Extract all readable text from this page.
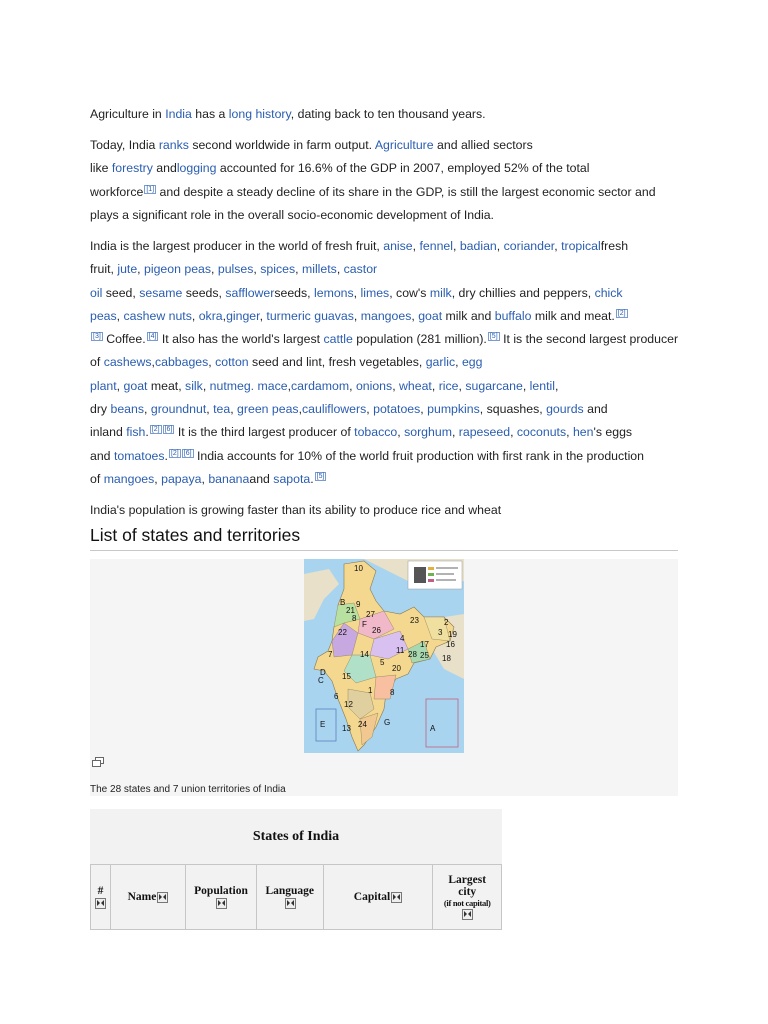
Agriculture in India has a long history, dating back to ten thousand years.
Today, India ranks second worldwide in farm output. Agriculture and allied sectors
like forestry andlogging accounted for 16.6% of the GDP in 2007, employed 52% of the total
workforce [1] and despite a steady decline of its share in the GDP, is still the largest economic sector and
plays a significant role in the overall socio-economic development of India.
India is the largest producer in the world of fresh fruit, anise, fennel, badian, coriander, tropicalfresh
fruit, jute, pigeon peas, pulses, spices, millets, castor
oil seed, sesame seeds, safflowerseeds, lemons, limes, cow's milk, dry chillies and peppers, chick
peas, cashew nuts, okra,ginger, turmeric guavas, mangoes, goat milk and buffalo milk and meat. [2]
[3] Coffee. [4] It also has the world's largest cattle population (281 million). [5] It is the second largest producer
of cashews,cabbages, cotton seed and lint, fresh vegetables, garlic, egg
plant, goat meat, silk, nutmeg. mace,cardamom, onions, wheat, rice, sugarcane, lentil,
dry beans, groundnut, tea, green peas,cauliflowers, potatoes, pumpkins, squashes, gourds and
inland fish. [2] [6] It is the third largest producer of tobacco, sorghum, rapeseed, coconuts, hen's eggs
and tomatoes. [2] [6] India accounts for 10% of the world fruit production with first rank in the production
of mangoes, papaya, bananaand sapota. [5]
India's population is growing faster than its ability to produce rice and wheat
List of states and territories
10
B 9
21 27
8
F	23	2
22	26
4
3 19
16
7
17
14	11 28 25 18
D
C 15
5
20
1 8
6
12
E	24 G
13	A
The 28 states and 7 union territories of India
States of India
#	Name	Population	Language	Capital	Largest
city

(if not capital)
